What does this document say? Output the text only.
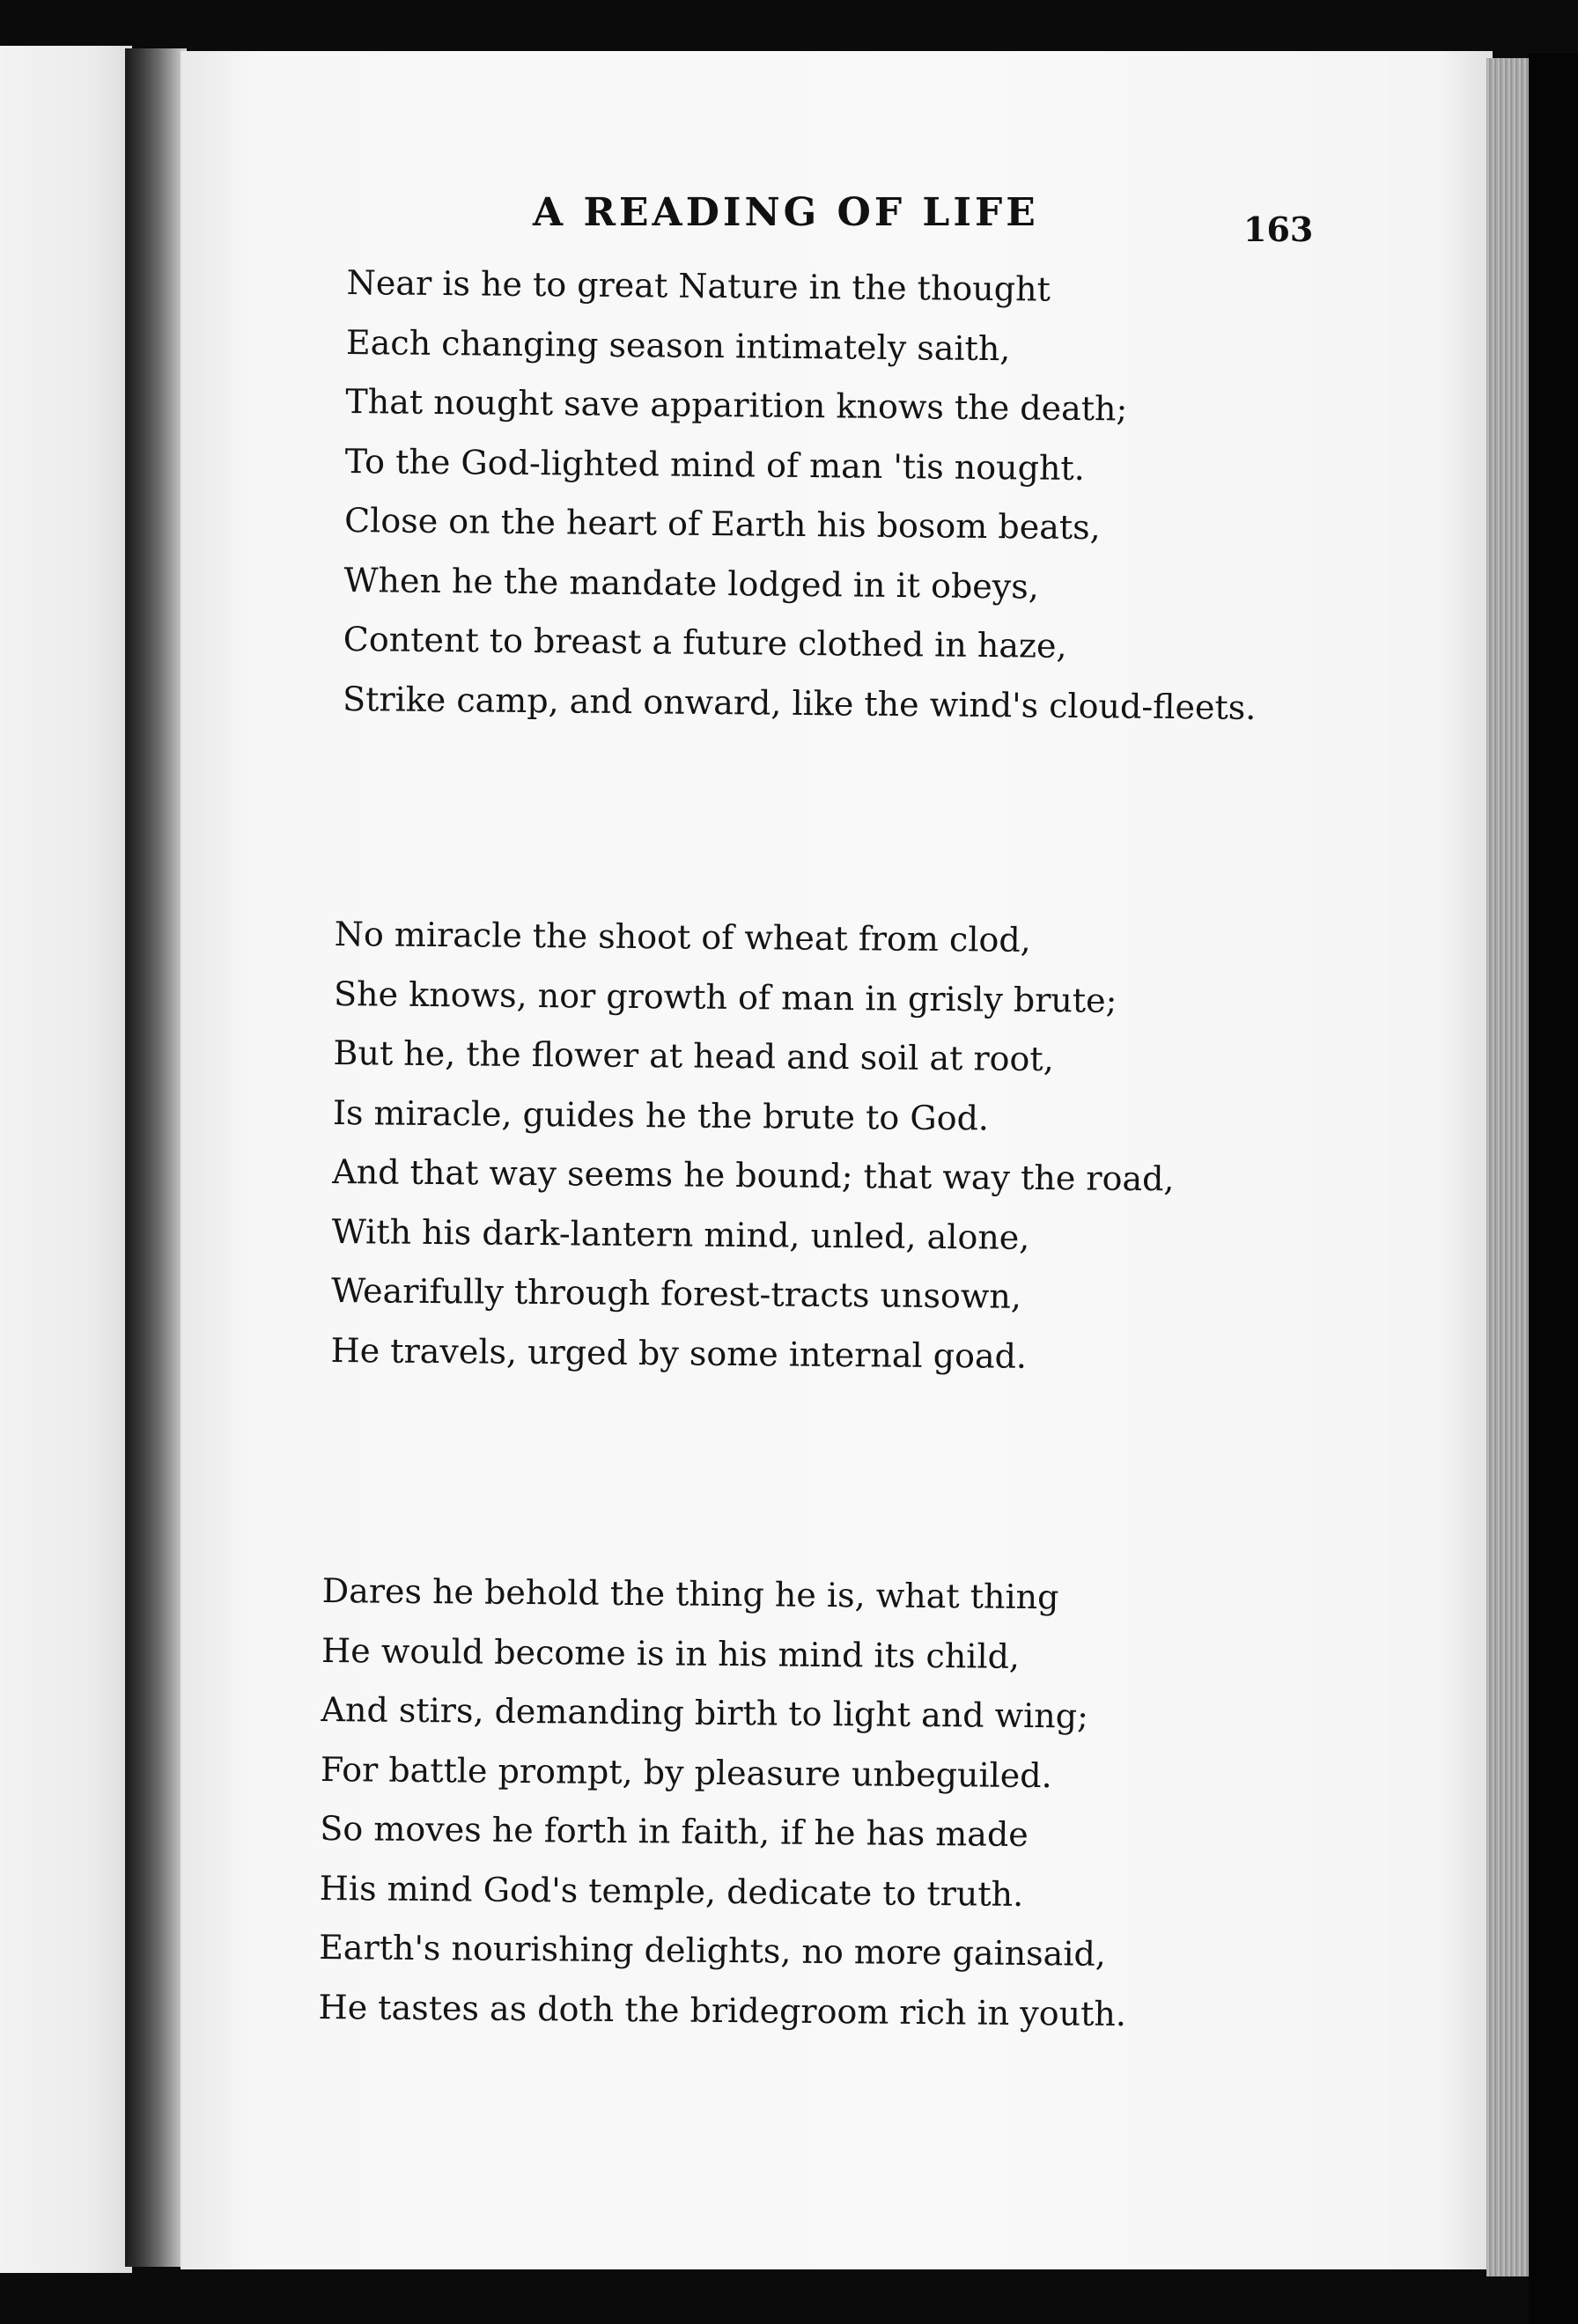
A READING OF LIFE	163
Near is he to great Nature in the thought
Each changing season intimately saith,
That nought save apparition knows the death;
To the God-lighted mind of man 'tis nought.
Close on the heart of Earth his bosom beats,
When he the mandate lodged in it obeys,
Content to breast a future clothed in haze,
Strike camp, and onward, like the wind's cloud-fleets.
No miracle the shoot of wheat from clod,
She knows, nor growth of man in grisly brute;
But he, the flower at head and soil at root,
Is miracle, guides he the brute to God.
And that way seems he bound; that way the road,
With his dark-lantern mind, unled, alone,
Wearifully through forest-tracts unsown,
He travels, urged by some internal goad.
Dares he behold the thing he is, what thing
He would become is in his mind its child,
And stirs, demanding birth to light and wing;
For battle prompt, by pleasure unbeguiled.
So moves he forth in faith, if he has made
His mind God's temple, dedicate to truth.
Earth's nourishing delights, no more gainsaid,
He tastes as doth the bridegroom rich in youth.
